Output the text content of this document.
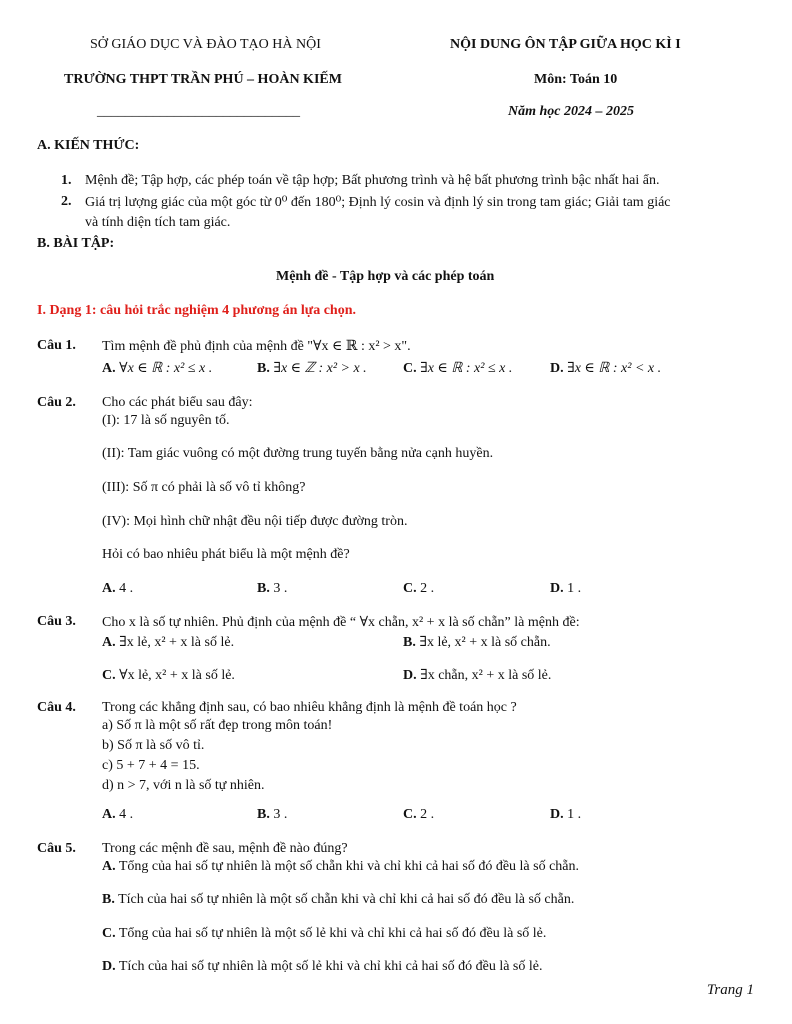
SỞ GIÁO DỤC VÀ ĐÀO TẠO HÀ NỘI
TRƯỜNG THPT TRẦN PHÚ – HOÀN KIẾM
_____________________________
NỘI DUNG ÔN TẬP GIỮA HỌC KÌ I
Môn: Toán 10
Năm học 2024 – 2025
A. KIẾN THỨC:
1. Mệnh đề; Tập hợp, các phép toán về tập hợp; Bất phương trình và hệ bất phương trình bậc nhất hai ẩn.
2. Giá trị lượng giác của một góc từ 0⁰ đến 180⁰; Định lý cosin và định lý sin trong tam giác; Giải tam giác
và tính diện tích tam giác.
B. BÀI TẬP:
Mệnh đề - Tập hợp và các phép toán
I. Dạng 1: câu hỏi trắc nghiệm 4 phương án lựa chọn.
Câu 1. Tìm mệnh đề phủ định của mệnh đề "∀x ∈ ℝ : x² > x".
A. ∀x ∈ ℝ : x² ≤ x .	B. ∃x ∈ ℤ : x² > x .	C. ∃x ∈ ℝ : x² ≤ x .	D. ∃x ∈ ℝ : x² < x .
Câu 2. Cho các phát biểu sau đây:
(I): 17 là số nguyên tố.
(II): Tam giác vuông có một đường trung tuyến bằng nửa cạnh huyền.
(III): Số π có phải là số vô tỉ không?
(IV): Mọi hình chữ nhật đều nội tiếp được đường tròn.
Hỏi có bao nhiêu phát biểu là một mệnh đề?
A. 4 .	B. 3 .	C. 2 .	D. 1 .
Câu 3. Cho x là số tự nhiên. Phủ định của mệnh đề “ ∀x chẵn, x² + x là số chẵn” là mệnh đề:
A. ∃x lẻ, x² + x là số lẻ.	B. ∃x lẻ, x² + x là số chẵn.
C. ∀x lẻ, x² + x là số lẻ.	D. ∃x chẵn, x² + x là số lẻ.
Câu 4. Trong các khẳng định sau, có bao nhiêu khẳng định là mệnh đề toán học ?
a) Số π là một số rất đẹp trong môn toán!
b) Số π là số vô tỉ.
c) 5 + 7 + 4 = 15.
d) n > 7, với n là số tự nhiên.
A. 4 .	B. 3 .	C. 2 .	D. 1 .
Câu 5. Trong các mệnh đề sau, mệnh đề nào đúng?
A. Tổng của hai số tự nhiên là một số chẵn khi và chỉ khi cả hai số đó đều là số chẵn.
B. Tích của hai số tự nhiên là một số chẵn khi và chỉ khi cả hai số đó đều là số chẵn.
C. Tổng của hai số tự nhiên là một số lẻ khi và chỉ khi cả hai số đó đều là số lẻ.
D. Tích của hai số tự nhiên là một số lẻ khi và chỉ khi cả hai số đó đều là số lẻ.
Trang 1
